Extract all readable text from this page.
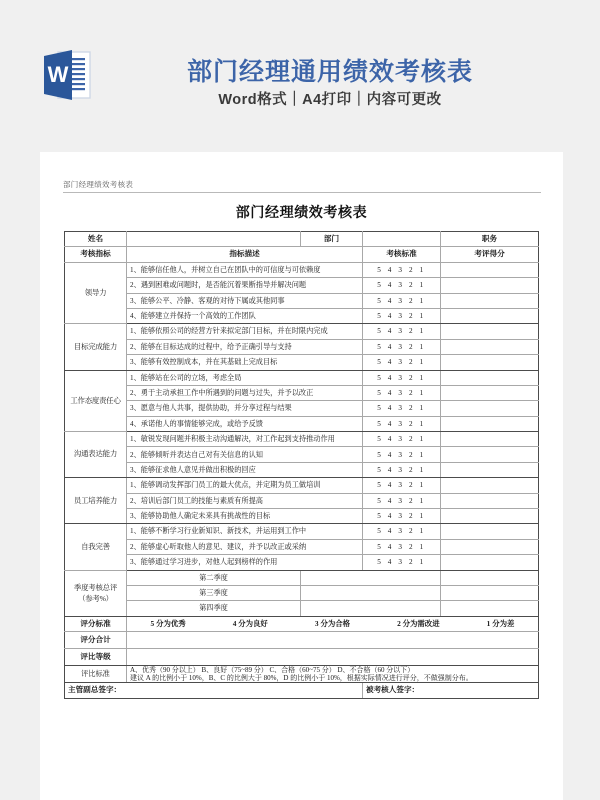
W	部门经理通用绩效考核表
Word格式｜A4打印｜内容可更改
部门经理绩效考核表
部门经理绩效考核表
姓名		部门		职务

考核指标	指标描述		考核标准	考评得分
领导力	1、能够信任他人，并树立自己在团队中的可信度与可依赖度		5 4 3 2 1	
	2、遇到困难或问题时，是否能沉着果断指导并解决问题		5 4 3 2 1	
	3、能够公平、冷静、客观的对待下属或其他同事		5 4 3 2 1	
	4、能够建立并保持一个高效的工作团队		5 4 3 2 1	
目标完成能力	1、能够依照公司的经营方针来拟定部门目标，并在时限内完成		5 4 3 2 1	
	2、能够在目标达成的过程中，给予正确引导与支持		5 4 3 2 1	
	3、能够有效控制成本，并在其基础上完成目标		5 4 3 2 1	
工作态度责任心	1、能够站在公司的立场，考虑全局		5 4 3 2 1	
	2、勇于主动承担工作中所遇到的问题与过失，并予以改正		5 4 3 2 1	
	3、愿意与他人共事，提供协助，并分享过程与结果		5 4 3 2 1	
	4、承诺他人的事情能够完成，或给予反馈		5 4 3 2 1	
沟通表达能力	1、敏锐发现问题并积极主动沟通解决，对工作起到支持推动作用		5 4 3 2 1	
	2、能够倾听并表达自己对有关信息的认知		5 4 3 2 1	
	3、能够征求他人意见并做出积极的回应		5 4 3 2 1	
员工培养能力	1、能够调动发挥部门员工的最大优点，并定期为员工做培训		5 4 3 2 1	
	2、培训后部门员工的技能与素质有所提高		5 4 3 2 1	
	3、能够协助他人确定未来具有挑战性的目标		5 4 3 2 1	
自我完善	1、能够不断学习行业新知识、新技术，并运用到工作中		5 4 3 2 1	
	2、能够虚心听取他人的意见、建议，并予以改正或采纳		5 4 3 2 1	
	3、能够通过学习进步，对他人起到榜样的作用		5 4 3 2 1	

季度考核总评
（参考%）	第二季度			
	第三季度			
	第四季度			
评分标准	5 分为优秀 4 分为良好 3 分为合格 2 分为需改进 1 分为差			

评分合计				
评比等级				
评比标准	A、优秀（90 分以上） B、良好（75~89 分） C、合格（60~75 分） D、不合格（60 分以下）
建议 A 的比例小于 10%，B、C 的比例大于 80%，D 的比例小于 10%，根据实际情况进行评分，不做强制分布。			

主管副总签字：			被考核人签字：	
